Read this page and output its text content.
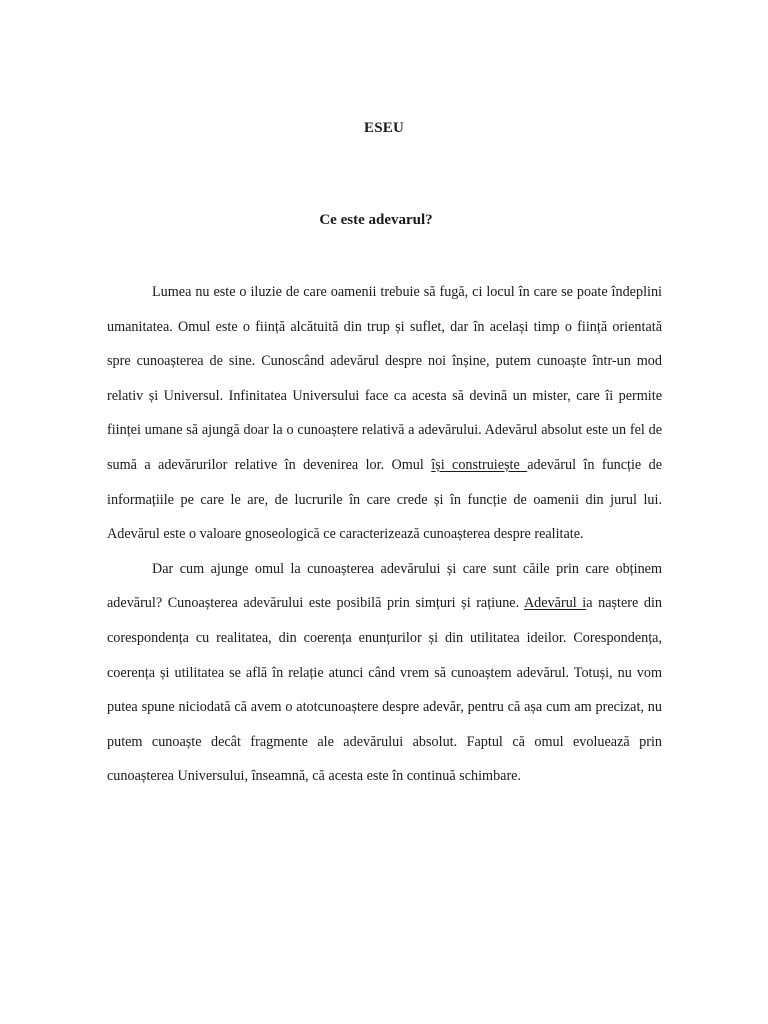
ESEU
Ce este adevarul?

Lumea nu este o iluzie de care oamenii trebuie să fugă, ci locul în care se poate îndeplini umanitatea. Omul este o ființă alcătuită din trup și suflet, dar în același timp o ființă orientată spre cunoașterea de sine. Cunoscând adevărul despre noi înșine, putem cunoaște într-un mod relativ și Universul. Infinitatea Universului face ca acesta să devină un mister, care îi permite ființei umane să ajungă doar la o cunoaștere relativă a adevărului. Adevărul absolut este un fel de sumă a adevărurilor relative în devenirea lor. Omul își construiește adevărul în funcție de informațiile pe care le are, de lucrurile în care crede și în funcție de oamenii din jurul lui. Adevărul este o valoare gnoseologică ce caracterizează cunoașterea despre realitate.

Dar cum ajunge omul la cunoașterea adevărului și care sunt căile prin care obținem adevărul? Cunoașterea adevărului este posibilă prin simțuri și rațiune. Adevărul ia naștere din corespondența cu realitatea, din coerența enunțurilor și din utilitatea ideilor. Corespondența, coerența și utilitatea se află în relație atunci când vrem să cunoaștem adevărul. Totuși, nu vom putea spune niciodată că avem o atotcunoaștere despre adevăr, pentru că așa cum am precizat, nu putem cunoaște decât fragmente ale adevărului absolut. Faptul că omul evoluează prin cunoașterea Universului, înseamnă, că acesta este în continuă schimbare.
